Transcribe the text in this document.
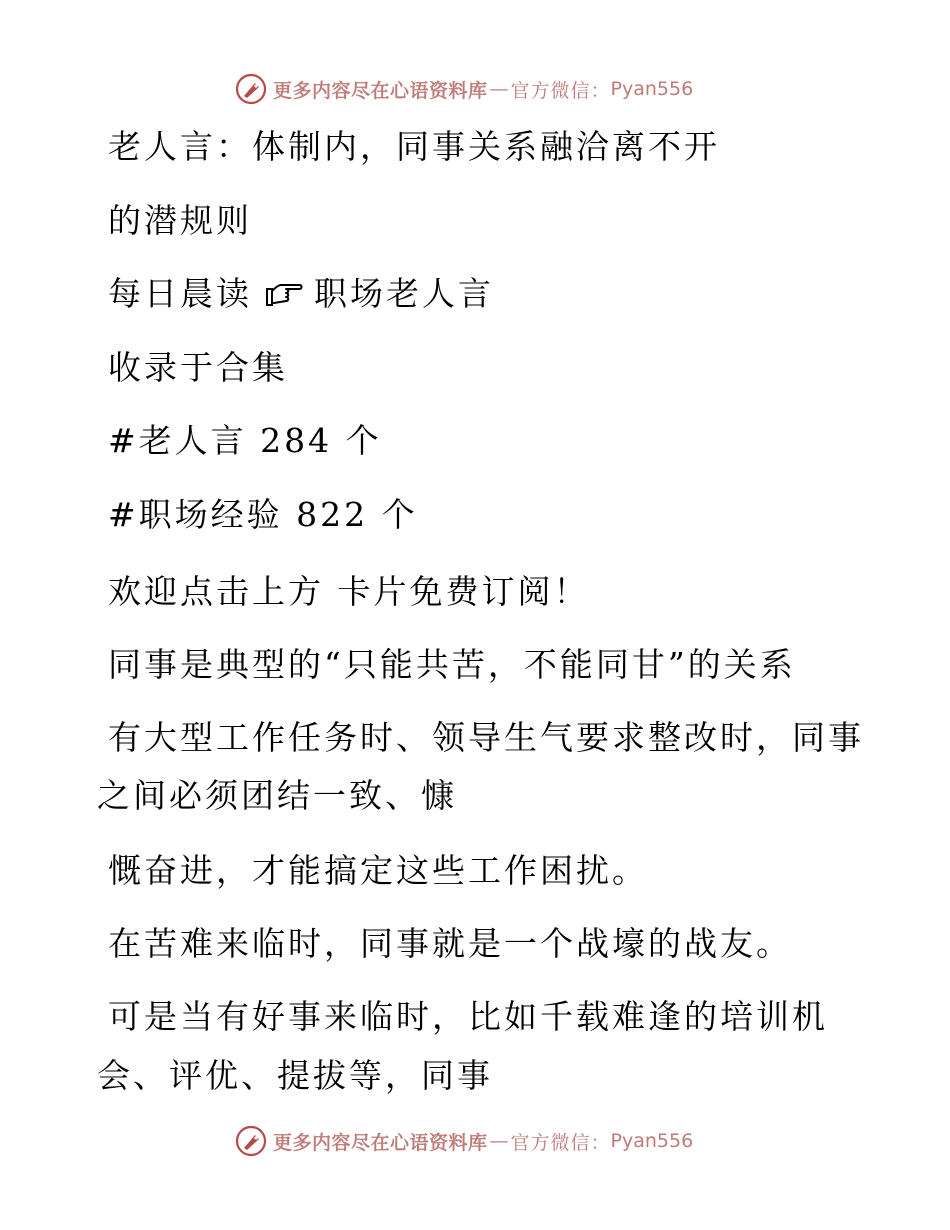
更多内容尽在心语资料库 — 官方微信： Pyan556
老人言：体制内，同事关系融洽离不开
的潜规则
每日晨读 职场老人言
收录于合集
#老人言 284 个
#职场经验 822 个
欢迎点击上方 卡片免费订阅！
同事是典型的“只能共苦，不能同甘”的关系
有大型工作任务时、领导生气要求整改时，同事
之间必须团结一致、慷
慨奋进，才能搞定这些工作困扰。
在苦难来临时，同事就是一个战壕的战友。
可是当有好事来临时，比如千载难逢的培训机
会、评优、提拔等，同事
更多内容尽在心语资料库 — 官方微信： Pyan556
